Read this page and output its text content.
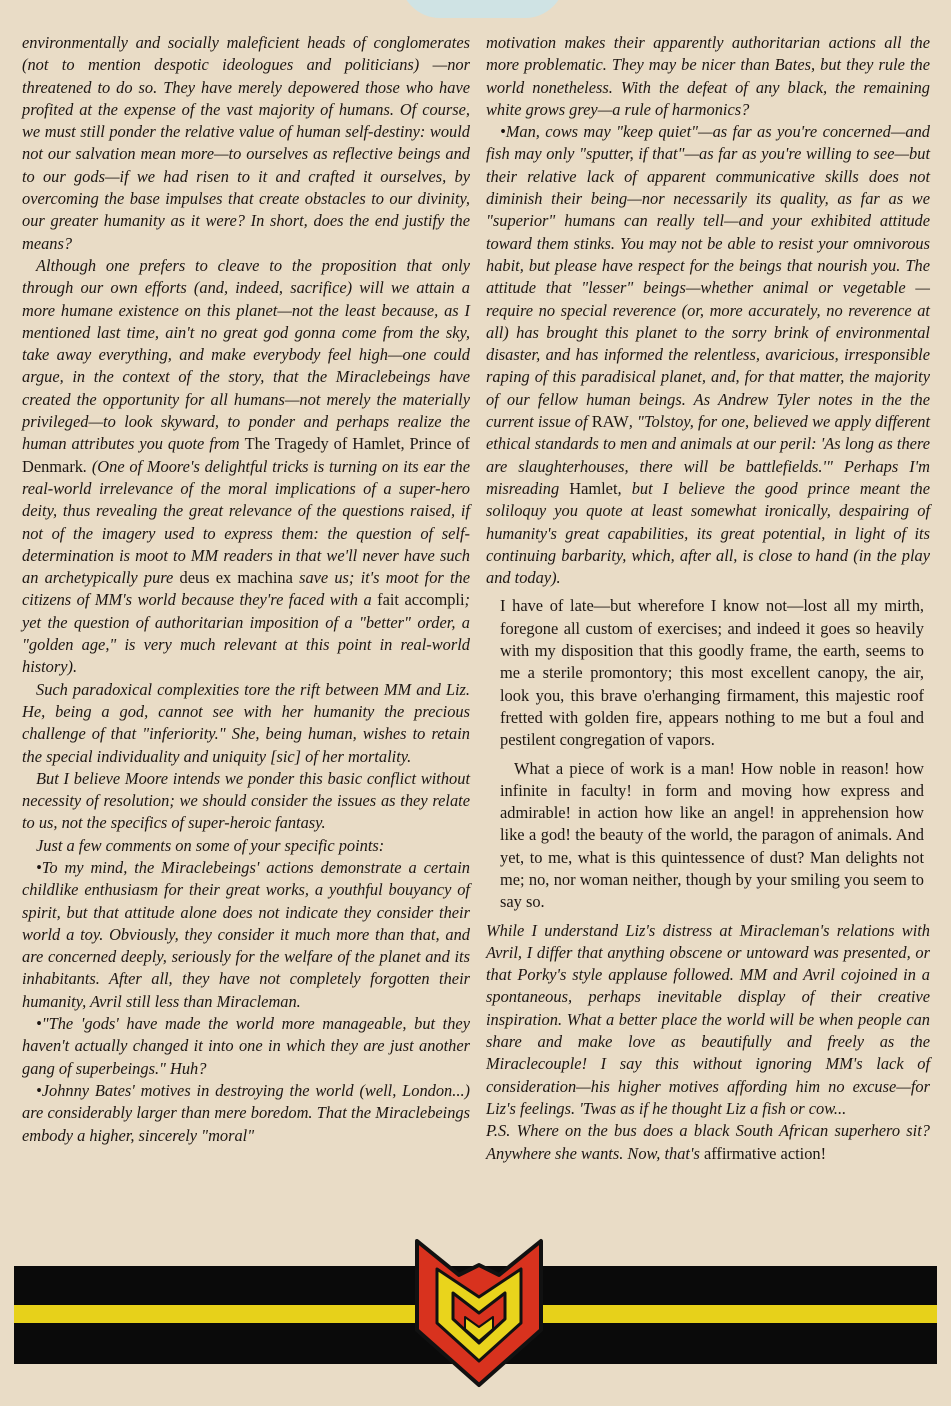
environmentally and socially maleficient heads of conglomerates (not to mention despotic ideologues and politicians) —nor threatened to do so. They have merely depowered those who have profited at the expense of the vast majority of humans. Of course, we must still ponder the relative value of human self-destiny: would not our salvation mean more—to ourselves as reflective beings and to our gods—if we had risen to it and crafted it ourselves, by overcoming the base impulses that create obstacles to our divinity, our greater humanity as it were? In short, does the end justify the means?

Although one prefers to cleave to the proposition that only through our own efforts (and, indeed, sacrifice) will we attain a more humane existence on this planet—not the least because, as I mentioned last time, ain't no great god gonna come from the sky, take away everything, and make everybody feel high—one could argue, in the context of the story, that the Miraclebeings have created the opportunity for all humans—not merely the materially privileged—to look skyward, to ponder and perhaps realize the human attributes you quote from The Tragedy of Hamlet, Prince of Denmark. (One of Moore's delightful tricks is turning on its ear the real-world irrelevance of the moral implications of a super-hero deity, thus revealing the great relevance of the questions raised, if not of the imagery used to express them: the question of self-determination is moot to MM readers in that we'll never have such an archetypically pure deus ex machina save us; it's moot for the citizens of MM's world because they're faced with a fait accompli; yet the question of authoritarian imposition of a "better" order, a "golden age," is very much relevant at this point in real-world history).

Such paradoxical complexities tore the rift between MM and Liz. He, being a god, cannot see with her humanity the precious challenge of that "inferiority." She, being human, wishes to retain the special individuality and uniquity [sic] of her mortality.

But I believe Moore intends we ponder this basic conflict without necessity of resolution; we should consider the issues as they relate to us, not the specifics of super-heroic fantasy.

Just a few comments on some of your specific points:

•To my mind, the Miraclebeings' actions demonstrate a certain childlike enthusiasm for their great works, a youthful bouyancy of spirit, but that attitude alone does not indicate they consider their world a toy. Obviously, they consider it much more than that, and are concerned deeply, seriously for the welfare of the planet and its inhabitants. After all, they have not completely forgotten their humanity, Avril still less than Miracleman.

•"The 'gods' have made the world more manageable, but they haven't actually changed it into one in which they are just another gang of superbeings." Huh?

•Johnny Bates' motives in destroying the world (well, London...) are considerably larger than mere boredom. That the Miraclebeings embody a higher, sincerely "moral"

motivation makes their apparently authoritarian actions all the more problematic. They may be nicer than Bates, but they rule the world nonetheless. With the defeat of any black, the remaining white grows grey—a rule of harmonics?

•Man, cows may "keep quiet"—as far as you're concerned—and fish may only "sputter, if that"—as far as you're willing to see—but their relative lack of apparent communicative skills does not diminish their being—nor necessarily its quality, as far as we "superior" humans can really tell—and your exhibited attitude toward them stinks. You may not be able to resist your omnivorous habit, but please have respect for the beings that nourish you. The attitude that "lesser" beings—whether animal or vegetable —require no special reverence (or, more accurately, no reverence at all) has brought this planet to the sorry brink of environmental disaster, and has informed the relentless, avaricious, irresponsible raping of this paradisical planet, and, for that matter, the majority of our fellow human beings. As Andrew Tyler notes in the the current issue of RAW, "Tolstoy, for one, believed we apply different ethical standards to men and animals at our peril: 'As long as there are slaughterhouses, there will be battlefields.'" Perhaps I'm misreading Hamlet, but I believe the good prince meant the soliloquy you quote at least somewhat ironically, despairing of humanity's great capabilities, its great potential, in light of its continuing barbarity, which, after all, is close to hand (in the play and today).

I have of late—but wherefore I know not—lost all my mirth, foregone all custom of exercises; and indeed it goes so heavily with my disposition that this goodly frame, the earth, seems to me a sterile promontory; this most excellent canopy, the air, look you, this brave o'erhanging firmament, this majestic roof fretted with golden fire, appears nothing to me but a foul and pestilent congregation of vapors.

What a piece of work is a man! How noble in reason! how infinite in faculty! in form and moving how express and admirable! in action how like an angel! in apprehension how like a god! the beauty of the world, the paragon of animals. And yet, to me, what is this quintessence of dust? Man delights not me; no, nor woman neither, though by your smiling you seem to say so.

While I understand Liz's distress at Miracleman's relations with Avril, I differ that anything obscene or untoward was presented, or that Porky's style applause followed. MM and Avril cojoined in a spontaneous, perhaps inevitable display of their creative inspiration. What a better place the world will be when people can share and make love as beautifully and freely as the Miraclecouple! I say this without ignoring MM's lack of consideration—his higher motives affording him no excuse—for Liz's feelings. 'Twas as if he thought Liz a fish or cow...

P.S. Where on the bus does a black South African superhero sit? Anywhere she wants. Now, that's affirmative action!
